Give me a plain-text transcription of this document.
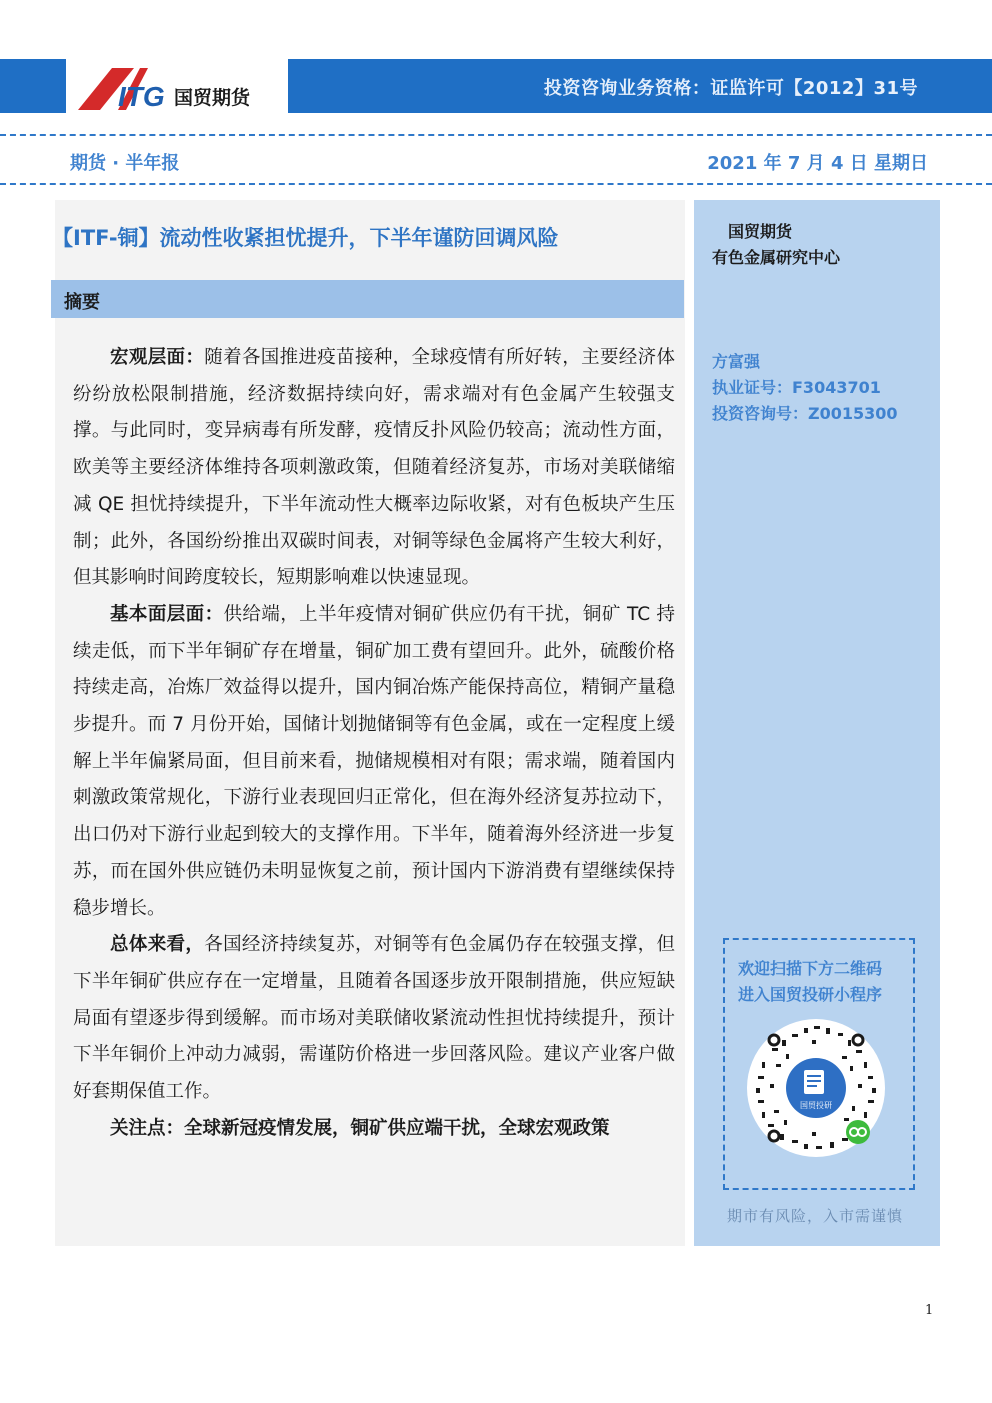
ITG 国贸期货	投资咨询业务资格：证监许可【2012】31号
期货 · 半年报	2021 年 7 月 4 日 星期日
【ITF-铜】流动性收紧担忧提升，下半年谨防回调风险
摘要

宏观层面：随着各国推进疫苗接种，全球疫情有所好转，主要经济体纷纷放松限制措施，经济数据持续向好，需求端对有色金属产生较强支撑。与此同时，变异病毒有所发酵，疫情反扑风险仍较高；流动性方面，欧美等主要经济体维持各项刺激政策，但随着经济复苏，市场对美联储缩减 QE 担忧持续提升，下半年流动性大概率边际收紧，对有色板块产生压制；此外，各国纷纷推出双碳时间表，对铜等绿色金属将产生较大利好，但其影响时间跨度较长，短期影响难以快速显现。

基本面层面：供给端，上半年疫情对铜矿供应仍有干扰，铜矿 TC 持续走低，而下半年铜矿存在增量，铜矿加工费有望回升。此外，硫酸价格持续走高，冶炼厂效益得以提升，国内铜冶炼产能保持高位，精铜产量稳步提升。而 7 月份开始，国储计划抛储铜等有色金属，或在一定程度上缓解上半年偏紧局面，但目前来看，抛储规模相对有限；需求端，随着国内刺激政策常规化，下游行业表现回归正常化，但在海外经济复苏拉动下，出口仍对下游行业起到较大的支撑作用。下半年，随着海外经济进一步复苏，而在国外供应链仍未明显恢复之前，预计国内下游消费有望继续保持稳步增长。

总体来看，各国经济持续复苏，对铜等有色金属仍存在较强支撑，但下半年铜矿供应存在一定增量，且随着各国逐步放开限制措施，供应短缺局面有望逐步得到缓解。而市场对美联储收紧流动性担忧持续提升，预计下半年铜价上冲动力减弱，需谨防价格进一步回落风险。建议产业客户做好套期保值工作。

关注点：全球新冠疫情发展，铜矿供应端干扰，全球宏观政策

国贸期货
有色金属研究中心
方富强
执业证号：F3043701
投资咨询号：Z0015300
欢迎扫描下方二维码
进入国贸投研小程序
国贸投研
期市有风险，入市需谨慎
1
